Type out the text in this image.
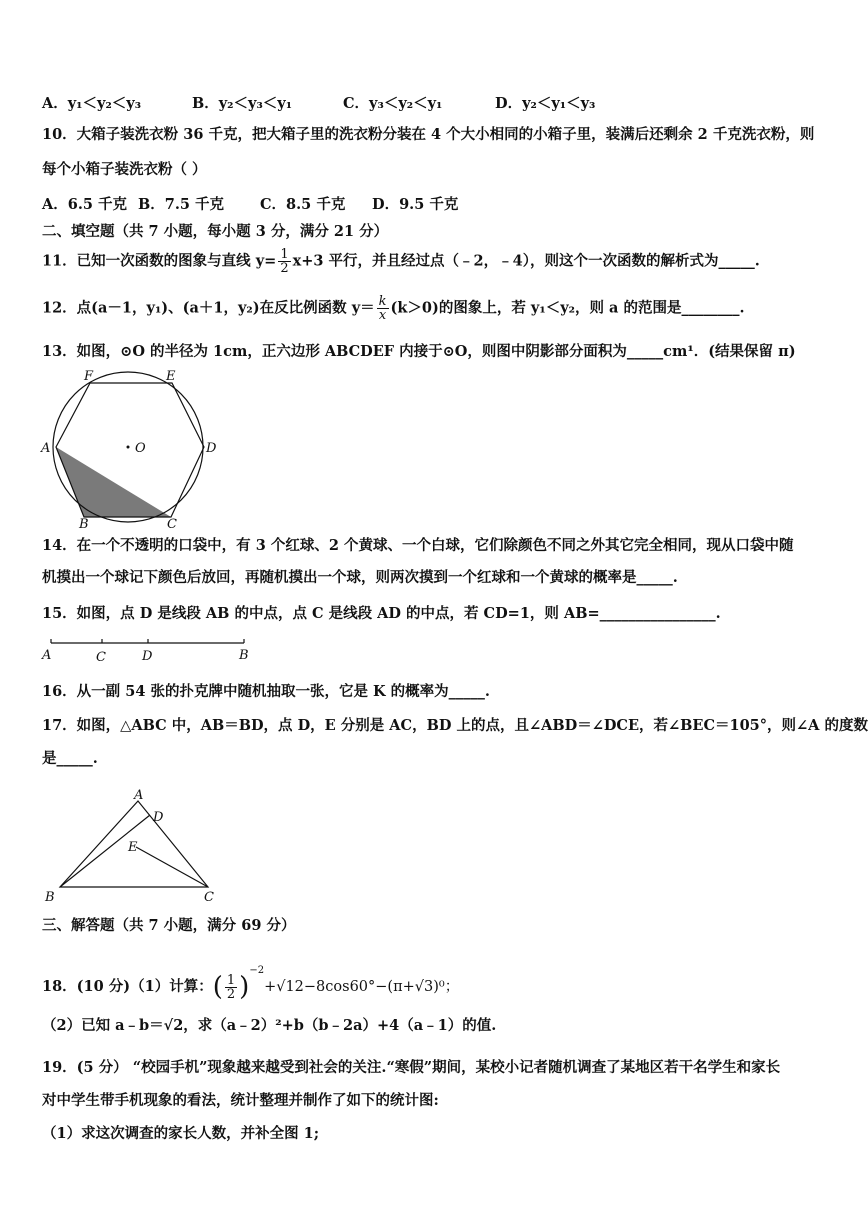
A．y₁＜y₂＜y₃	B．y₂＜y₃＜y₁	C．y₃＜y₂＜y₁	D．y₂＜y₁＜y₃
10．大箱子装洗衣粉 36 千克，把大箱子里的洗衣粉分装在 4 个大小相同的小箱子里，装满后还剩余 2 千克洗衣粉，则
每个小箱子装洗衣粉（ ）
A．6.5 千克 B．7.5 千克 C．8.5 千克 D．9.5 千克
二、填空题（共 7 小题，每小题 3 分，满分 21 分）
11．已知一次函数的图象与直线 $y= \frac{1}{2} x+3$ 平行，并且经过点（﹣2，﹣4），则这个一次函数的解析式为_____.
12．点(a－1，y₁)、(a＋1，y₂)在反比例函数 $y= \frac{k}{x} (k>0)$的图象上，若 y₁＜y₂，则 a 的范围是________.
13．如图，⊙O 的半径为 1cm，正六边形 ABCDEF 内接于⊙O，则图中阴影部分面积为_____cm¹．(结果保留 π)
F	E
A	O	D
B	C
14．在一个不透明的口袋中，有 3 个红球、2 个黄球、一个白球，它们除颜色不同之外其它完全相同，现从口袋中随
机摸出一个球记下颜色后放回，再随机摸出一个球，则两次摸到一个红球和一个黄球的概率是_____.
15．如图，点 D 是线段 AB 的中点，点 C 是线段 AD 的中点，若 CD=1，则 AB=________________.
A	C	D	B
16．从一副 54 张的扑克牌中随机抽取一张，它是 K 的概率为_____.
17．如图，△ABC 中，AB＝BD，点 D，E 分别是 AC，BD 上的点，且∠ABD＝∠DCE，若∠BEC＝105°，则∠A 的度数
是_____.
A
D
E
B	C
三、解答题（共 7 小题，满分 69 分）
18．(10 分)（1）计算：( $\frac{1}{2} )^{-2}+√12-8\cos 60^\circ-(\pi+√3)^0$；
（2）已知 a﹣b＝√2，求（a﹣2）²+b（b﹣2a）+4（a﹣1）的值.
19．(5 分） “校园手机”现象越来越受到社会的关注.“寒假”期间，某校小记者随机调查了某地区若干名学生和家长
对中学生带手机现象的看法，统计整理并制作了如下的统计图:
（1）求这次调查的家长人数，并补全图 1;
